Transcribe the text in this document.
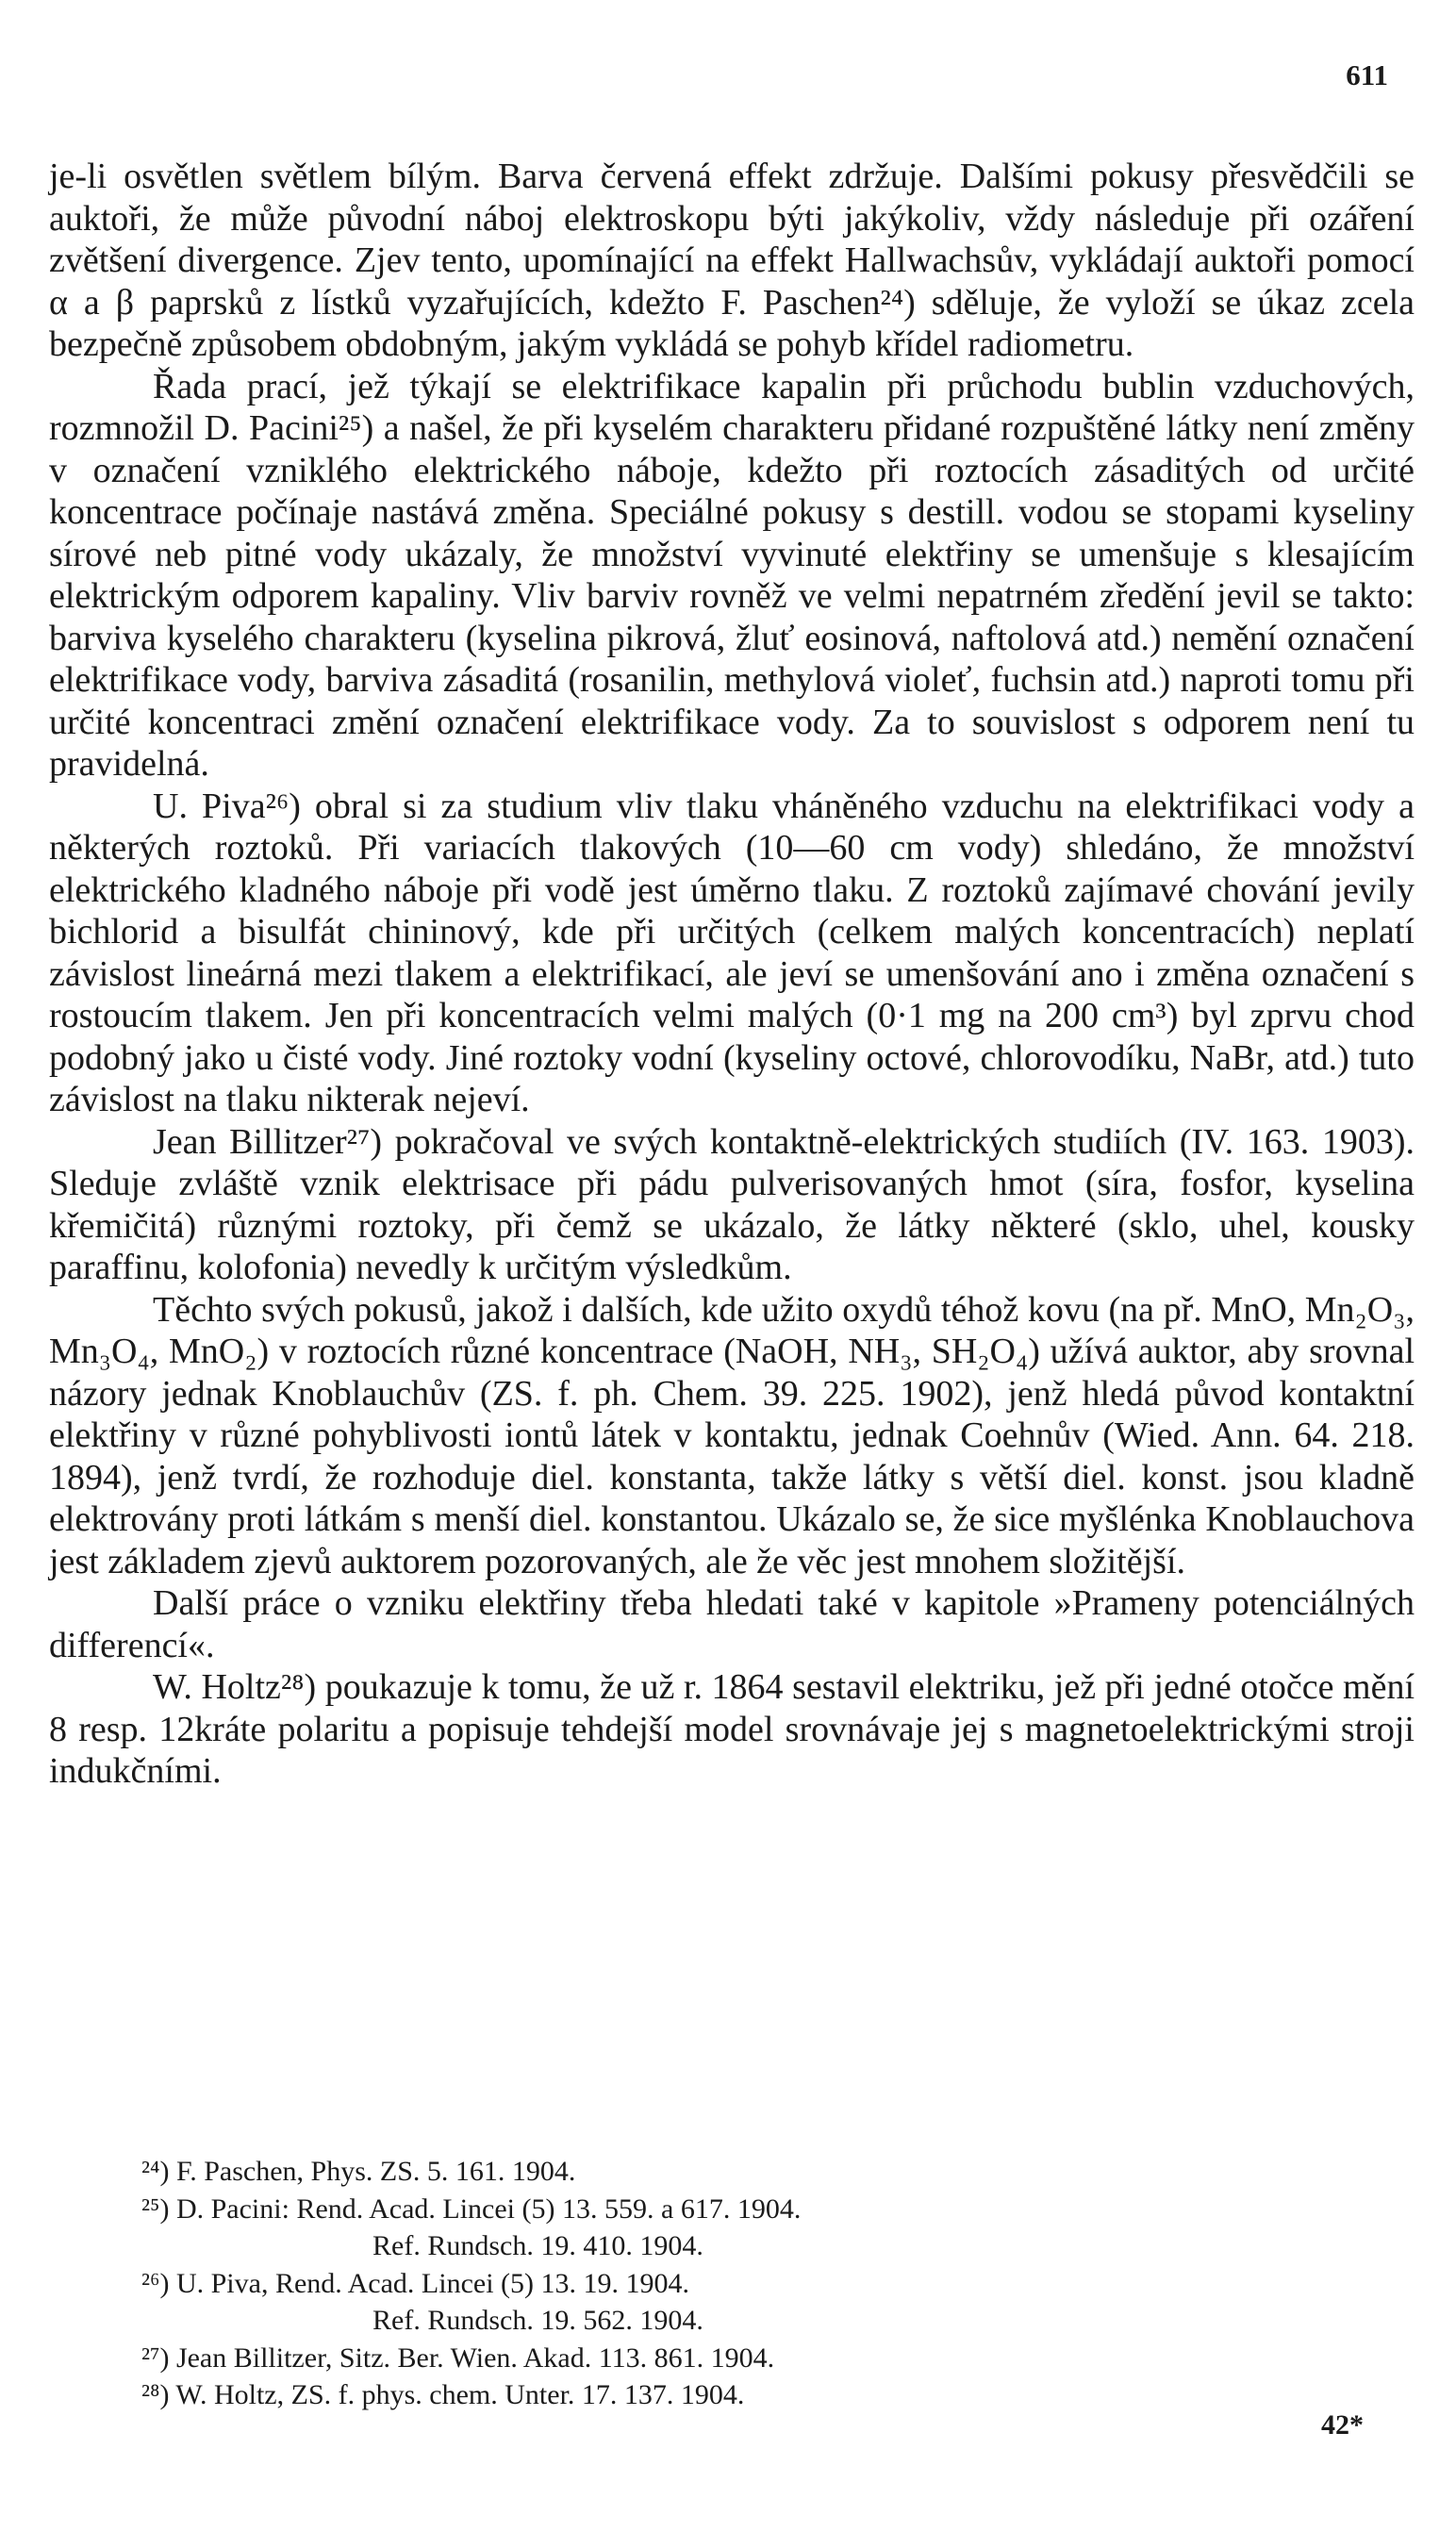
611

je-li osvětlen světlem bílým. Barva červená effekt zdržuje. Dalšími pokusy přesvědčili se auktoři, že může původní náboj elektroskopu býti jakýkoliv, vždy následuje při ozáření zvětšení divergence. Zjev tento, upomínající na effekt Hallwachsův, vykládají auktoři pomocí α a β paprsků z lístků vyzařujících, kdežto F. Paschen²⁴) sděluje, že vyloží se úkaz zcela bezpečně způsobem obdobným, jakým vykládá se pohyb křídel radiometru.

Řada prací, jež týkají se elektrifikace kapalin při průchodu bublin vzduchových, rozmnožil D. Pacini²⁵) a našel, že při kyselém charakteru přidané rozpuštěné látky není změny v označení vzniklého elektrického náboje, kdežto při roztocích zásaditých od určité koncentrace počínaje nastává změna. Speciálné pokusy s destill. vodou se stopami kyseliny sírové neb pitné vody ukázaly, že množství vyvinuté elektřiny se umenšuje s klesajícím elektrickým odporem kapaliny. Vliv barviv rovněž ve velmi nepatrném zředění jevil se takto: barviva kyselého charakteru (kyselina pikrová, žluť eosinová, naftolová atd.) nemění označení elektrifikace vody, barviva zásaditá (rosanilin, methylová violeť, fuchsin atd.) naproti tomu při určité koncentraci změní označení elektrifikace vody. Za to souvislost s odporem není tu pravidelná.

U. Piva²⁶) obral si za studium vliv tlaku vháněného vzduchu na elektrifikaci vody a některých roztoků. Při variacích tlakových (10—60 cm vody) shledáno, že množství elektrického kladného náboje při vodě jest úměrno tlaku. Z roztoků zajímavé chování jevily bichlorid a bisulfát chininový, kde při určitých (celkem malých koncentracích) neplatí závislost lineárná mezi tlakem a elektrifikací, ale jeví se umenšování ano i změna označení s rostoucím tlakem. Jen při koncentracích velmi malých (0·1 mg na 200 cm³) byl zprvu chod podobný jako u čisté vody. Jiné roztoky vodní (kyseliny octové, chlorovodíku, NaBr, atd.) tuto závislost na tlaku nikterak nejeví.

Jean Billitzer²⁷) pokračoval ve svých kontaktně-elektrických studiích (IV. 163. 1903). Sleduje zvláště vznik elektrisace při pádu pulverisovaných hmot (síra, fosfor, kyselina křemičitá) různými roztoky, při čemž se ukázalo, že látky některé (sklo, uhel, kousky paraffinu, kolofonia) nevedly k určitým výsledkům.

Těchto svých pokusů, jakož i dalších, kde užito oxydů téhož kovu (na př. MnO, Mn₂O₃, Mn₃O₄, MnO₂) v roztocích různé koncentrace (NaOH, NH₃, SH₂O₄) užívá auktor, aby srovnal názory jednak Knoblauchův (ZS. f. ph. Chem. 39. 225. 1902), jenž hledá původ kontaktní elektřiny v různé pohyblivosti iontů látek v kontaktu, jednak Coehnův (Wied. Ann. 64. 218. 1894), jenž tvrdí, že rozhoduje diel. konstanta, takže látky s větší diel. konst. jsou kladně elektrovány proti látkám s menší diel. konstantou. Ukázalo se, že sice myšlénka Knoblauchova jest základem zjevů auktorem pozorovaných, ale že věc jest mnohem složitější.

Další práce o vzniku elektřiny třeba hledati také v kapitole »Prameny potenciálných differencí«.

W. Holtz²⁸) poukazuje k tomu, že už r. 1864 sestavil elektriku, jež při jedné otočce mění 8 resp. 12kráte polaritu a popisuje tehdejší model srovnávaje jej s magnetoelektrickými stroji indukčními.

²⁴) F. Paschen, Phys. ZS. 5. 161. 1904.
²⁵) D. Pacini: Rend. Acad. Lincei (5) 13. 559. a 617. 1904.
Ref. Rundsch. 19. 410. 1904.
²⁶) U. Piva, Rend. Acad. Lincei (5) 13. 19. 1904.
Ref. Rundsch. 19. 562. 1904.
²⁷) Jean Billitzer, Sitz. Ber. Wien. Akad. 113. 861. 1904.
²⁸) W. Holtz, ZS. f. phys. chem. Unter. 17. 137. 1904.
42*
